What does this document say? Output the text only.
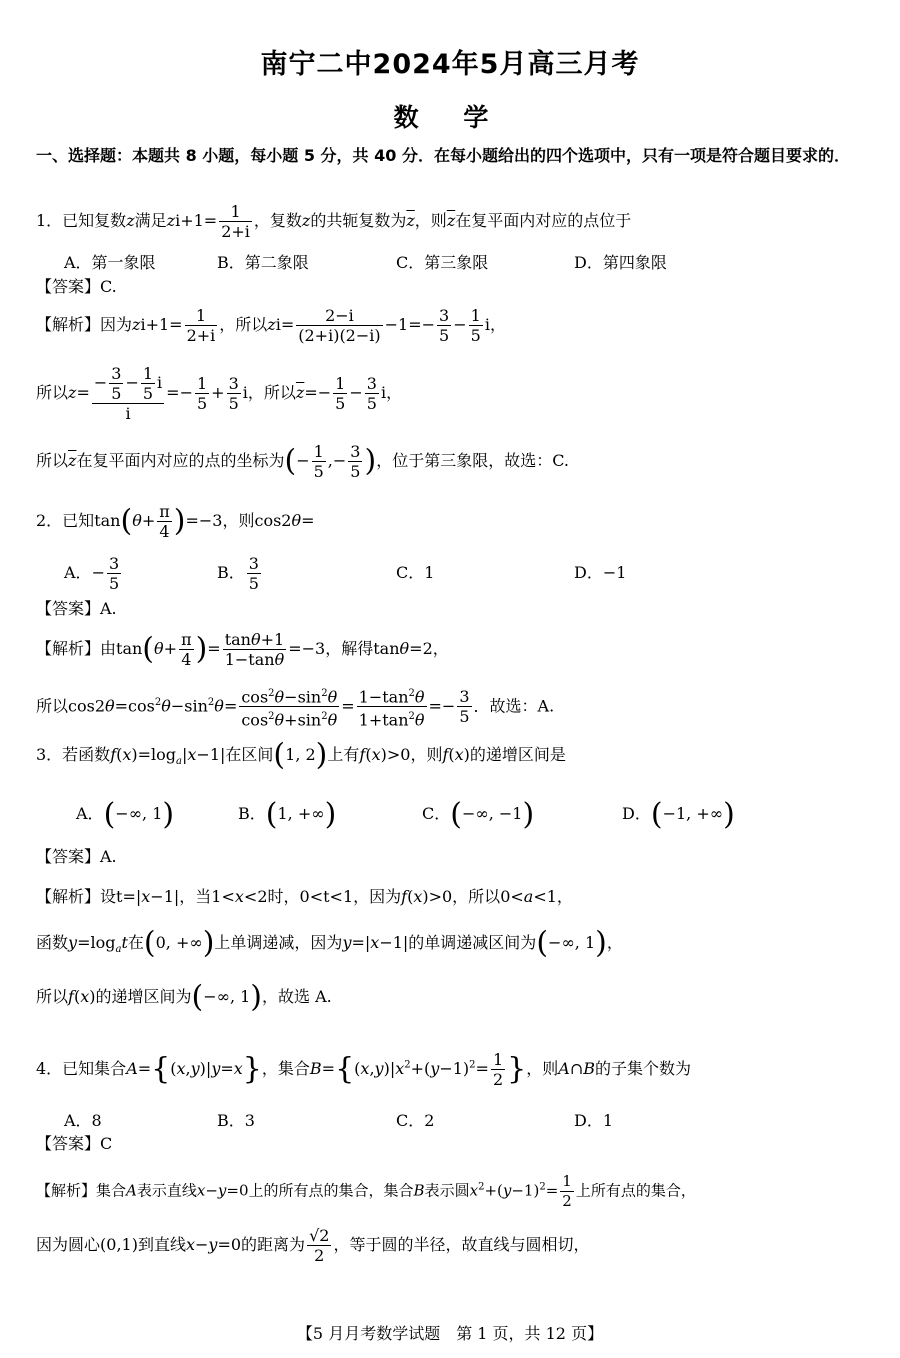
南宁二中2024年5月高三月考
数 学
一、选择题：本题共 8 小题，每小题 5 分，共 40 分．在每小题给出的四个选项中，只有一项是符合题目要求的．
1．已知复数z满足$zi+1= \frac{1}{2+i}$ ，复数z的共轭复数为$\overline{z}$，则$\overline{z}$在复平面内对应的点位于
A．第一象限	B．第二象限	C．第三象限	D．第四象限
【答案】C.
【解析】因为$zi+1= \frac{1}{2+i}$ ，所以$zi= \frac{2-i}{(2+i)(2-i)} -1=- \frac{3}{5} - \frac{1}{5}$ i，
所以$z= \frac{- \frac{3}{5} - \frac{1}{5} i}{i} =- \frac{1}{5} + \frac{3}{5}$ i，所以$\overline{z}=- \frac{1}{5} - \frac{3}{5}$ i，
所以$\overline{z}$在复平面内对应的点的坐标为(− $\frac{1}{5}$ ,− $\frac{3}{5}$ )，位于第三象限，故选：C.
2．已知$\tan(\theta+ \frac{\pi}{4} )=-3$，则cos2θ=
A．− $\frac{3}{5}$	B． $\frac{3}{5}$	C．1	D．−1
【答案】A.
【解析】由$\tan(\theta+ \frac{\pi}{4}$ )= $\frac{\tan\theta+1}{1-\tan\theta} =-3$，解得tanθ=2，
所以$\cos 2\theta=\cos^2\theta-\sin^2\theta= \frac{\cos^2\theta-\sin^2\theta}{\cos^2\theta+\sin^2\theta} = \frac{1-\tan^2\theta}{1+\tan^2\theta} =- \frac{3}{5}$ ．故选：A.
3．若函数$f(x)=\log_a|x-1|$在区间(1, 2)上有f(x)>0，则f(x)的递增区间是
A．(−∞, 1)	B．(1, +∞)	C．(−∞, −1)	D．(−1, +∞)
【答案】A.
【解析】设t=|x−1|，当1<x<2时，0<t<1，因为f(x)>0，所以0<a<1，
函数$y=\log_at$在(0, +∞)上单调递减，因为y=|x−1|的单调递减区间为(−∞, 1)，
所以f(x)的递增区间为(−∞, 1)，故选 A.
4．已知集合A={(x,y)|y=x}，集合$B=\{(x,y)|x^2+(y-1)^2= \frac{1}{2}$ }，则A∩B的子集个数为
A．8	B．3	C．2	D．1
【答案】C
【解析】集合A表示直线x−y=0上的所有点的集合，集合B表示圆$x^2+(y-1)^2= \frac{1}{2}$ 上所有点的集合，
因为圆心(0,1)到直线x−y=0的距离为 $\frac{√2}{2}$ ，等于圆的半径，故直线与圆相切，
【5 月月考数学试题　第 1 页，共 12 页】
